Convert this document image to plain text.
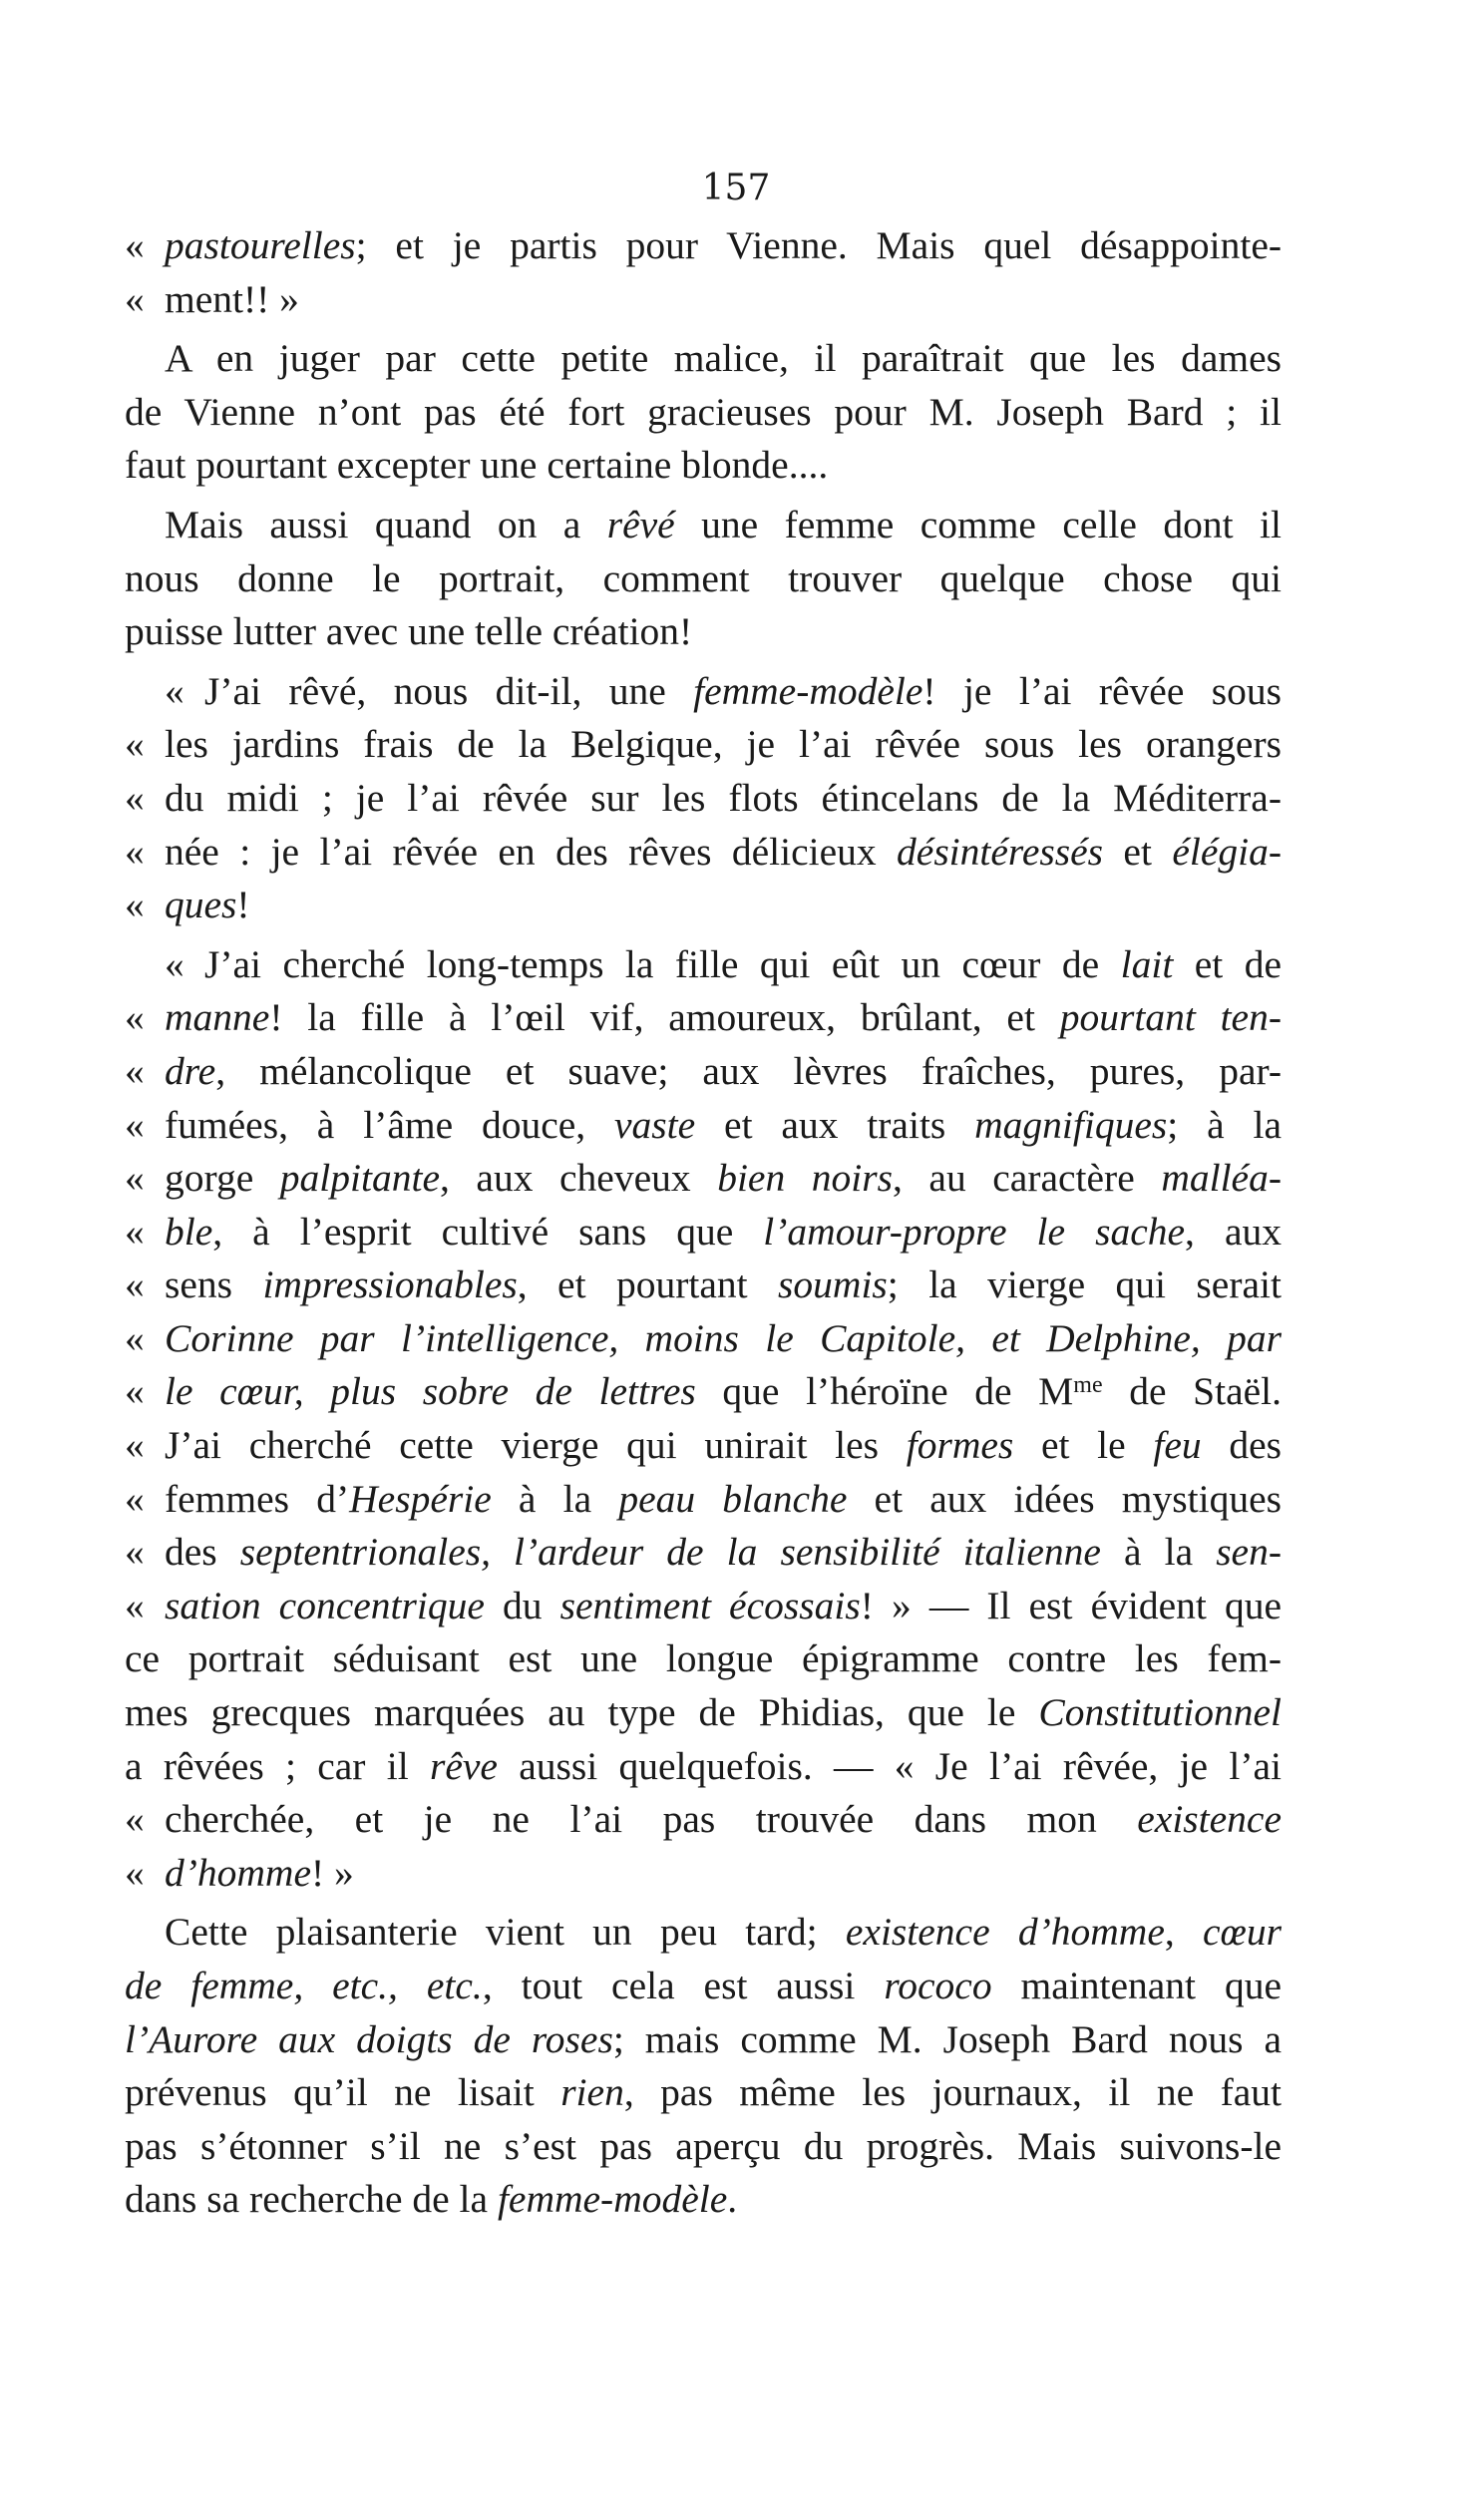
157
« pastourelles; et je partis pour Vienne. Mais quel désappointe-
« ment!! »
A en juger par cette petite malice, il paraîtrait que les dames
de Vienne n’ont pas été fort gracieuses pour M. Joseph Bard ; il
faut pourtant excepter une certaine blonde....
Mais aussi quand on a rêvé une femme comme celle dont il
nous donne le portrait, comment trouver quelque chose qui
puisse lutter avec une telle création!
« J’ai rêvé, nous dit-il, une femme-modèle! je l’ai rêvée sous
« les jardins frais de la Belgique, je l’ai rêvée sous les orangers
« du midi ; je l’ai rêvée sur les flots étincelans de la Méditerra-
« née : je l’ai rêvée en des rêves délicieux désintéressés et élégia-
« ques!
« J’ai cherché long-temps la fille qui eût un cœur de lait et de
« manne! la fille à l’œil vif, amoureux, brûlant, et pourtant ten-
« dre, mélancolique et suave; aux lèvres fraîches, pures, par-
« fumées, à l’âme douce, vaste et aux traits magnifiques; à la
« gorge palpitante, aux cheveux bien noirs, au caractère malléa-
« ble, à l’esprit cultivé sans que l’amour-propre le sache, aux
« sens impressionables, et pourtant soumis; la vierge qui serait
« Corinne par l’intelligence, moins le Capitole, et Delphine, par
« le cœur, plus sobre de lettres que l’héroïne de $M^{me}$ de Staël.
« J’ai cherché cette vierge qui unirait les formes et le feu des
« femmes d’Hespérie à la peau blanche et aux idées mystiques
« des septentrionales, l’ardeur de la sensibilité italienne à la sen-
« sation concentrique du sentiment écossais! » — Il est évident que
ce portrait séduisant est une longue épigramme contre les fem-
mes grecques marquées au type de Phidias, que le Constitutionnel
a rêvées ; car il rêve aussi quelquefois. — « Je l’ai rêvée, je l’ai
« cherchée, et je ne l’ai pas trouvée dans mon existence
« d’homme! »
Cette plaisanterie vient un peu tard; existence d’homme, cœur
de femme, etc., etc., tout cela est aussi rococo maintenant que
l’Aurore aux doigts de roses; mais comme M. Joseph Bard nous a
prévenus qu’il ne lisait rien, pas même les journaux, il ne faut
pas s’étonner s’il ne s’est pas aperçu du progrès. Mais suivons-le
dans sa recherche de la femme-modèle.
